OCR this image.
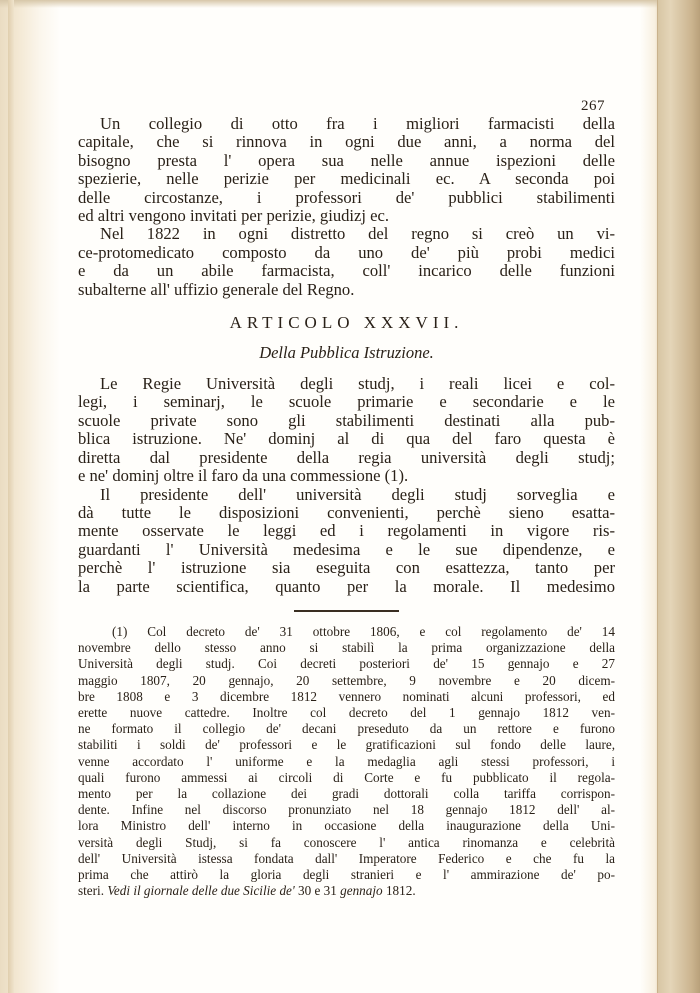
267
Un collegio di otto fra i migliori farmacisti della
capitale, che si rinnova in ogni due anni, a norma del
bisogno presta l' opera sua nelle annue ispezioni delle
spezierie, nelle perizie per medicinali ec. A seconda poi
delle circostanze, i professori de' pubblici stabilimenti
ed altri vengono invitati per perizie, giudizj ec.
Nel 1822 in ogni distretto del regno si creò un vi-
ce-protomedicato composto da uno de' più probi medici
e da un abile farmacista, coll' incarico delle funzioni
subalterne all' uffizio generale del Regno.
ARTICOLO XXXVII.
Della Pubblica Istruzione.
Le Regie Università degli studj, i reali licei e col-
legi, i seminarj, le scuole primarie e secondarie e le
scuole private sono gli stabilimenti destinati alla pub-
blica istruzione. Ne' dominj al di qua del faro questa è
diretta dal presidente della regia università degli studj;
e ne' dominj oltre il faro da una commessione (1).
Il presidente dell' università degli studj sorveglia e
dà tutte le disposizioni convenienti, perchè sieno esatta-
mente osservate le leggi ed i regolamenti in vigore ris-
guardanti l' Università medesima e le sue dipendenze, e
perchè l' istruzione sia eseguita con esattezza, tanto per
la parte scientifica, quanto per la morale. Il medesimo
(1) Col decreto de' 31 ottobre 1806, e col regolamento de' 14
novembre dello stesso anno si stabilì la prima organizzazione della
Università degli studj. Coi decreti posteriori de' 15 gennajo e 27
maggio 1807, 20 gennajo, 20 settembre, 9 novembre e 20 dicem-
bre 1808 e 3 dicembre 1812 vennero nominati alcuni professori, ed
erette nuove cattedre. Inoltre col decreto del 1 gennajo 1812 ven-
ne formato il collegio de' decani preseduto da un rettore e furono
stabiliti i soldi de' professori e le gratificazioni sul fondo delle laure,
venne accordato l' uniforme e la medaglia agli stessi professori, i
quali furono ammessi ai circoli di Corte e fu pubblicato il regola-
mento per la collazione dei gradi dottorali colla tariffa corrispon-
dente. Infine nel discorso pronunziato nel 18 gennajo 1812 dell' al-
lora Ministro dell' interno in occasione della inaugurazione della Uni-
versità degli Studj, si fa conoscere l' antica rinomanza e celebrità
dell' Università istessa fondata dall' Imperatore Federico e che fu la
prima che attirò la gloria degli stranieri e l' ammirazione de' po-
steri. Vedi il giornale delle due Sicilie de' 30 e 31 gennajo 1812.
